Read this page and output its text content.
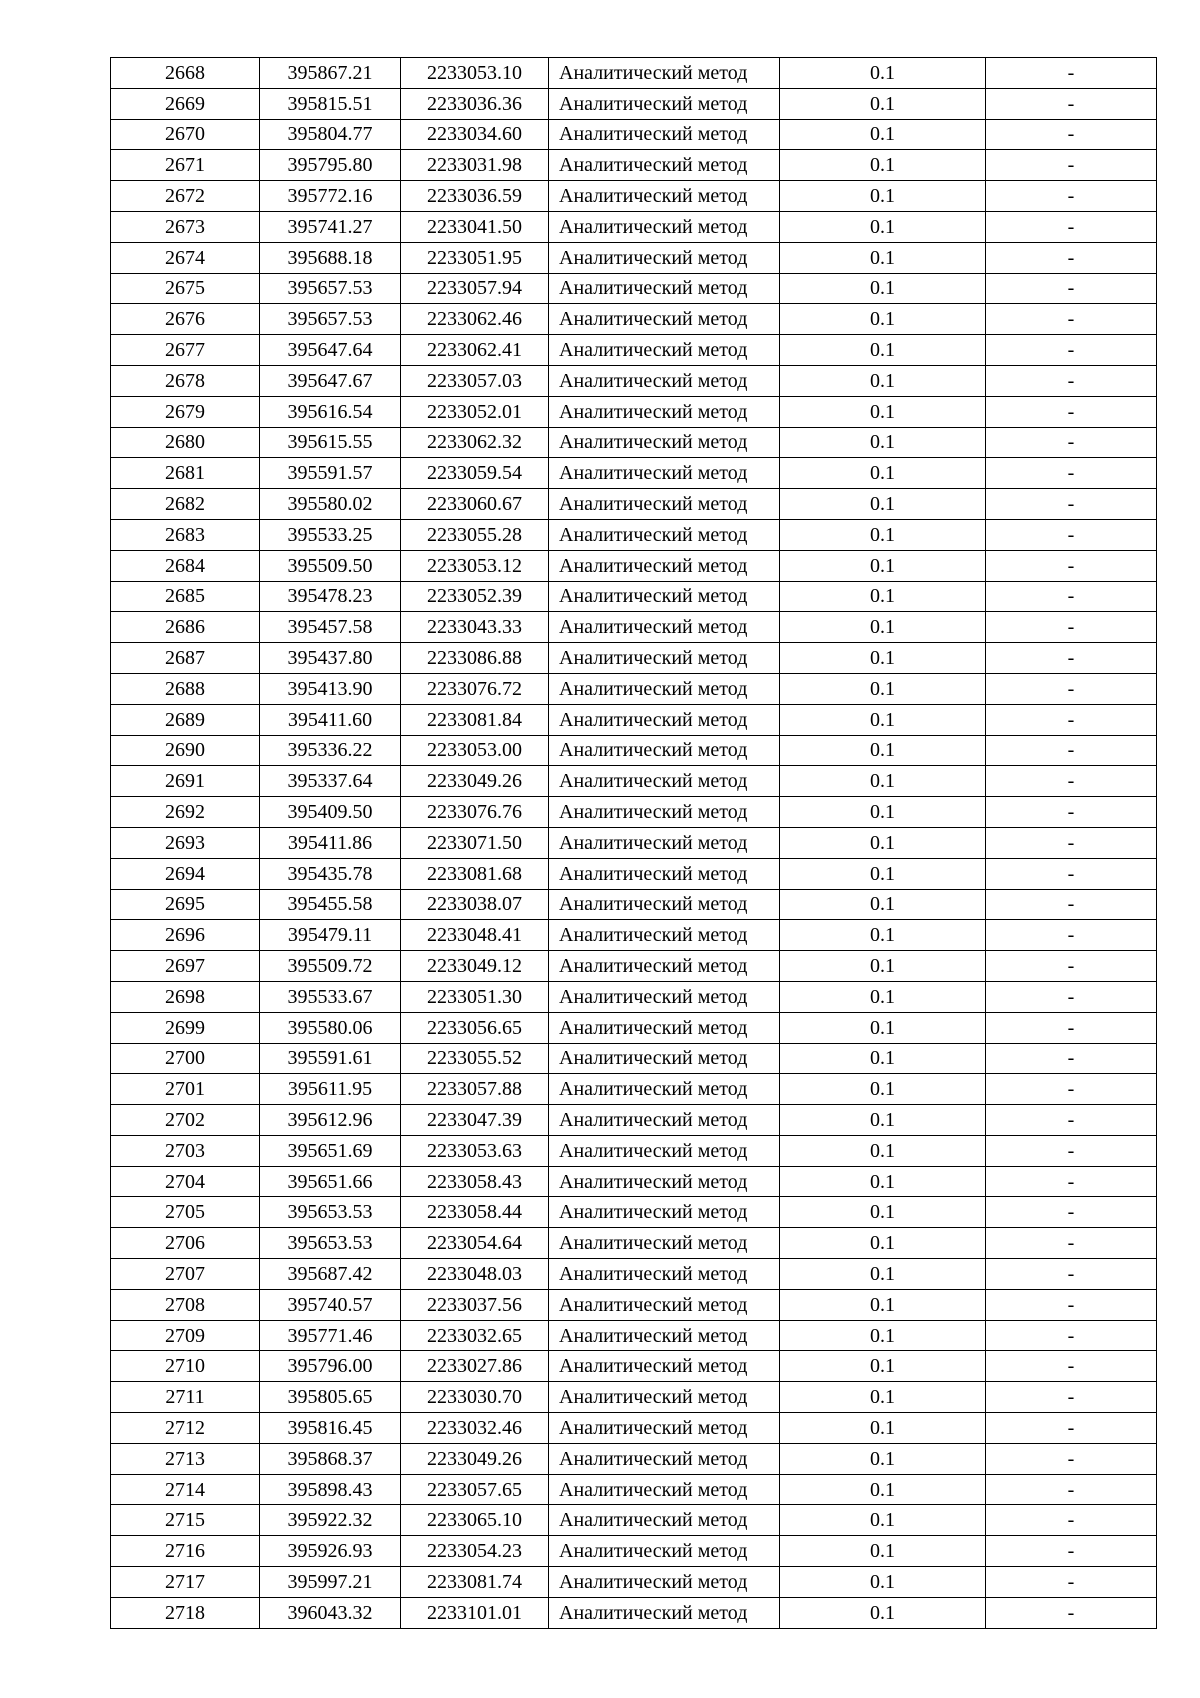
2668	395867.21	2233053.10	Аналитический метод	0.1	-
2669	395815.51	2233036.36	Аналитический метод	0.1	-
2670	395804.77	2233034.60	Аналитический метод	0.1	-
2671	395795.80	2233031.98	Аналитический метод	0.1	-
2672	395772.16	2233036.59	Аналитический метод	0.1	-
2673	395741.27	2233041.50	Аналитический метод	0.1	-
2674	395688.18	2233051.95	Аналитический метод	0.1	-
2675	395657.53	2233057.94	Аналитический метод	0.1	-
2676	395657.53	2233062.46	Аналитический метод	0.1	-
2677	395647.64	2233062.41	Аналитический метод	0.1	-
2678	395647.67	2233057.03	Аналитический метод	0.1	-
2679	395616.54	2233052.01	Аналитический метод	0.1	-
2680	395615.55	2233062.32	Аналитический метод	0.1	-
2681	395591.57	2233059.54	Аналитический метод	0.1	-
2682	395580.02	2233060.67	Аналитический метод	0.1	-
2683	395533.25	2233055.28	Аналитический метод	0.1	-
2684	395509.50	2233053.12	Аналитический метод	0.1	-
2685	395478.23	2233052.39	Аналитический метод	0.1	-
2686	395457.58	2233043.33	Аналитический метод	0.1	-
2687	395437.80	2233086.88	Аналитический метод	0.1	-
2688	395413.90	2233076.72	Аналитический метод	0.1	-
2689	395411.60	2233081.84	Аналитический метод	0.1	-
2690	395336.22	2233053.00	Аналитический метод	0.1	-
2691	395337.64	2233049.26	Аналитический метод	0.1	-
2692	395409.50	2233076.76	Аналитический метод	0.1	-
2693	395411.86	2233071.50	Аналитический метод	0.1	-
2694	395435.78	2233081.68	Аналитический метод	0.1	-
2695	395455.58	2233038.07	Аналитический метод	0.1	-
2696	395479.11	2233048.41	Аналитический метод	0.1	-
2697	395509.72	2233049.12	Аналитический метод	0.1	-
2698	395533.67	2233051.30	Аналитический метод	0.1	-
2699	395580.06	2233056.65	Аналитический метод	0.1	-
2700	395591.61	2233055.52	Аналитический метод	0.1	-
2701	395611.95	2233057.88	Аналитический метод	0.1	-
2702	395612.96	2233047.39	Аналитический метод	0.1	-
2703	395651.69	2233053.63	Аналитический метод	0.1	-
2704	395651.66	2233058.43	Аналитический метод	0.1	-
2705	395653.53	2233058.44	Аналитический метод	0.1	-
2706	395653.53	2233054.64	Аналитический метод	0.1	-
2707	395687.42	2233048.03	Аналитический метод	0.1	-
2708	395740.57	2233037.56	Аналитический метод	0.1	-
2709	395771.46	2233032.65	Аналитический метод	0.1	-
2710	395796.00	2233027.86	Аналитический метод	0.1	-
2711	395805.65	2233030.70	Аналитический метод	0.1	-
2712	395816.45	2233032.46	Аналитический метод	0.1	-
2713	395868.37	2233049.26	Аналитический метод	0.1	-
2714	395898.43	2233057.65	Аналитический метод	0.1	-
2715	395922.32	2233065.10	Аналитический метод	0.1	-
2716	395926.93	2233054.23	Аналитический метод	0.1	-
2717	395997.21	2233081.74	Аналитический метод	0.1	-
2718	396043.32	2233101.01	Аналитический метод	0.1	-
